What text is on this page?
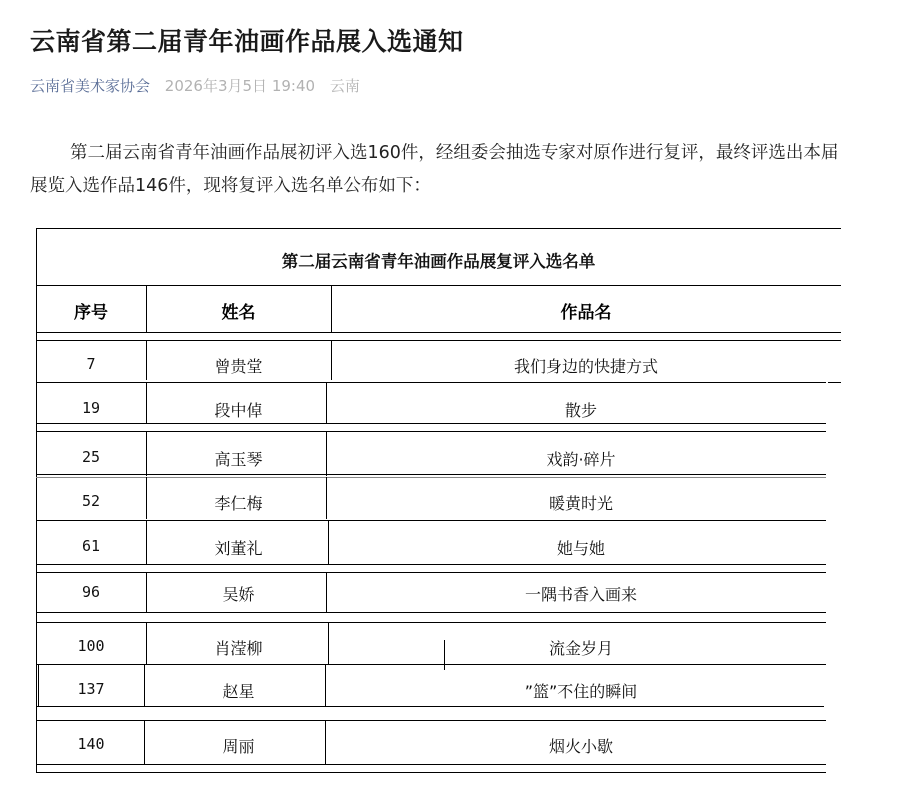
云南省第二届青年油画作品展入选通知
云南省美术家协会 2026年3月5日 19:40 云南

第二届云南省青年油画作品展初评入选160件，经组委会抽选专家对原作进行复评，最终评选出本届展览入选作品146件，现将复评入选名单公布如下：

第二届云南省青年油画作品展复评入选名单
序号	姓名	作品名
7	曾贵堂	我们身边的快捷方式
19	段中倬	散步
25	高玉琴	戏韵·碎片
52	李仁梅	暖黄时光
61	刘董礼	她与她
96	吴娇	一隅书香入画来
100	肖滢柳	流金岁月
137	赵星	”篮”不住的瞬间
140	周丽	烟火小歇
